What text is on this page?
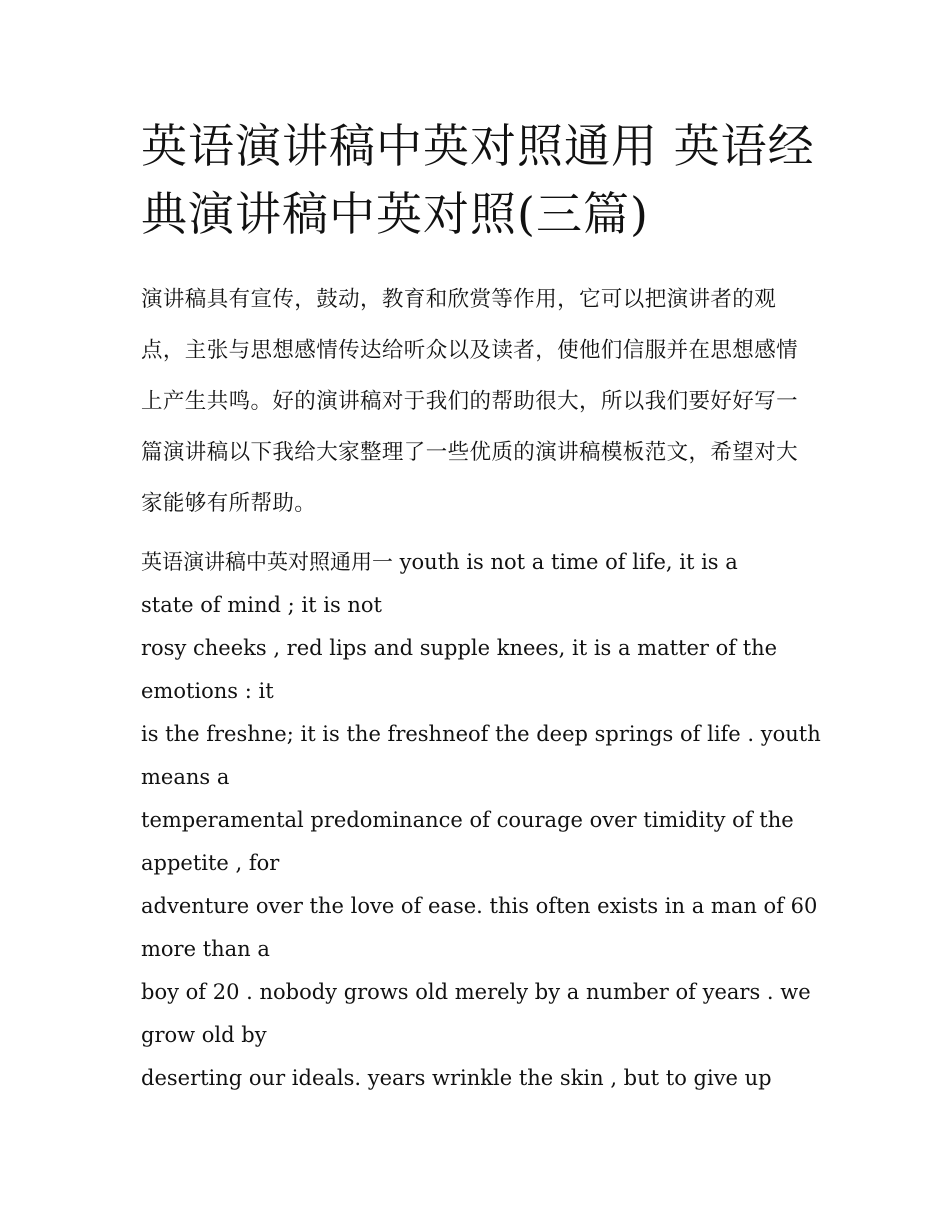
英语演讲稿中英对照通用 英语经典演讲稿中英对照(三篇)

演讲稿具有宣传，鼓动，教育和欣赏等作用，它可以把演讲者的观点，主张与思想感情传达给听众以及读者，使他们信服并在思想感情上产生共鸣。好的演讲稿对于我们的帮助很大，所以我们要好好写一篇演讲稿以下我给大家整理了一些优质的演讲稿模板范文，希望对大家能够有所帮助。

英语演讲稿中英对照通用一 youth is not a time of life, it is a
state of mind ; it is not
rosy cheeks , red lips and supple knees, it is a matter of the
emotions : it
is the freshne; it is the freshneof the deep springs of life . youth
means a
temperamental predominance of courage over timidity of the
appetite , for
adventure over the love of ease. this often exists in a man of 60
more than a
boy of 20 . nobody grows old merely by a number of years . we
grow old by
deserting our ideals. years wrinkle the skin , but to give up
